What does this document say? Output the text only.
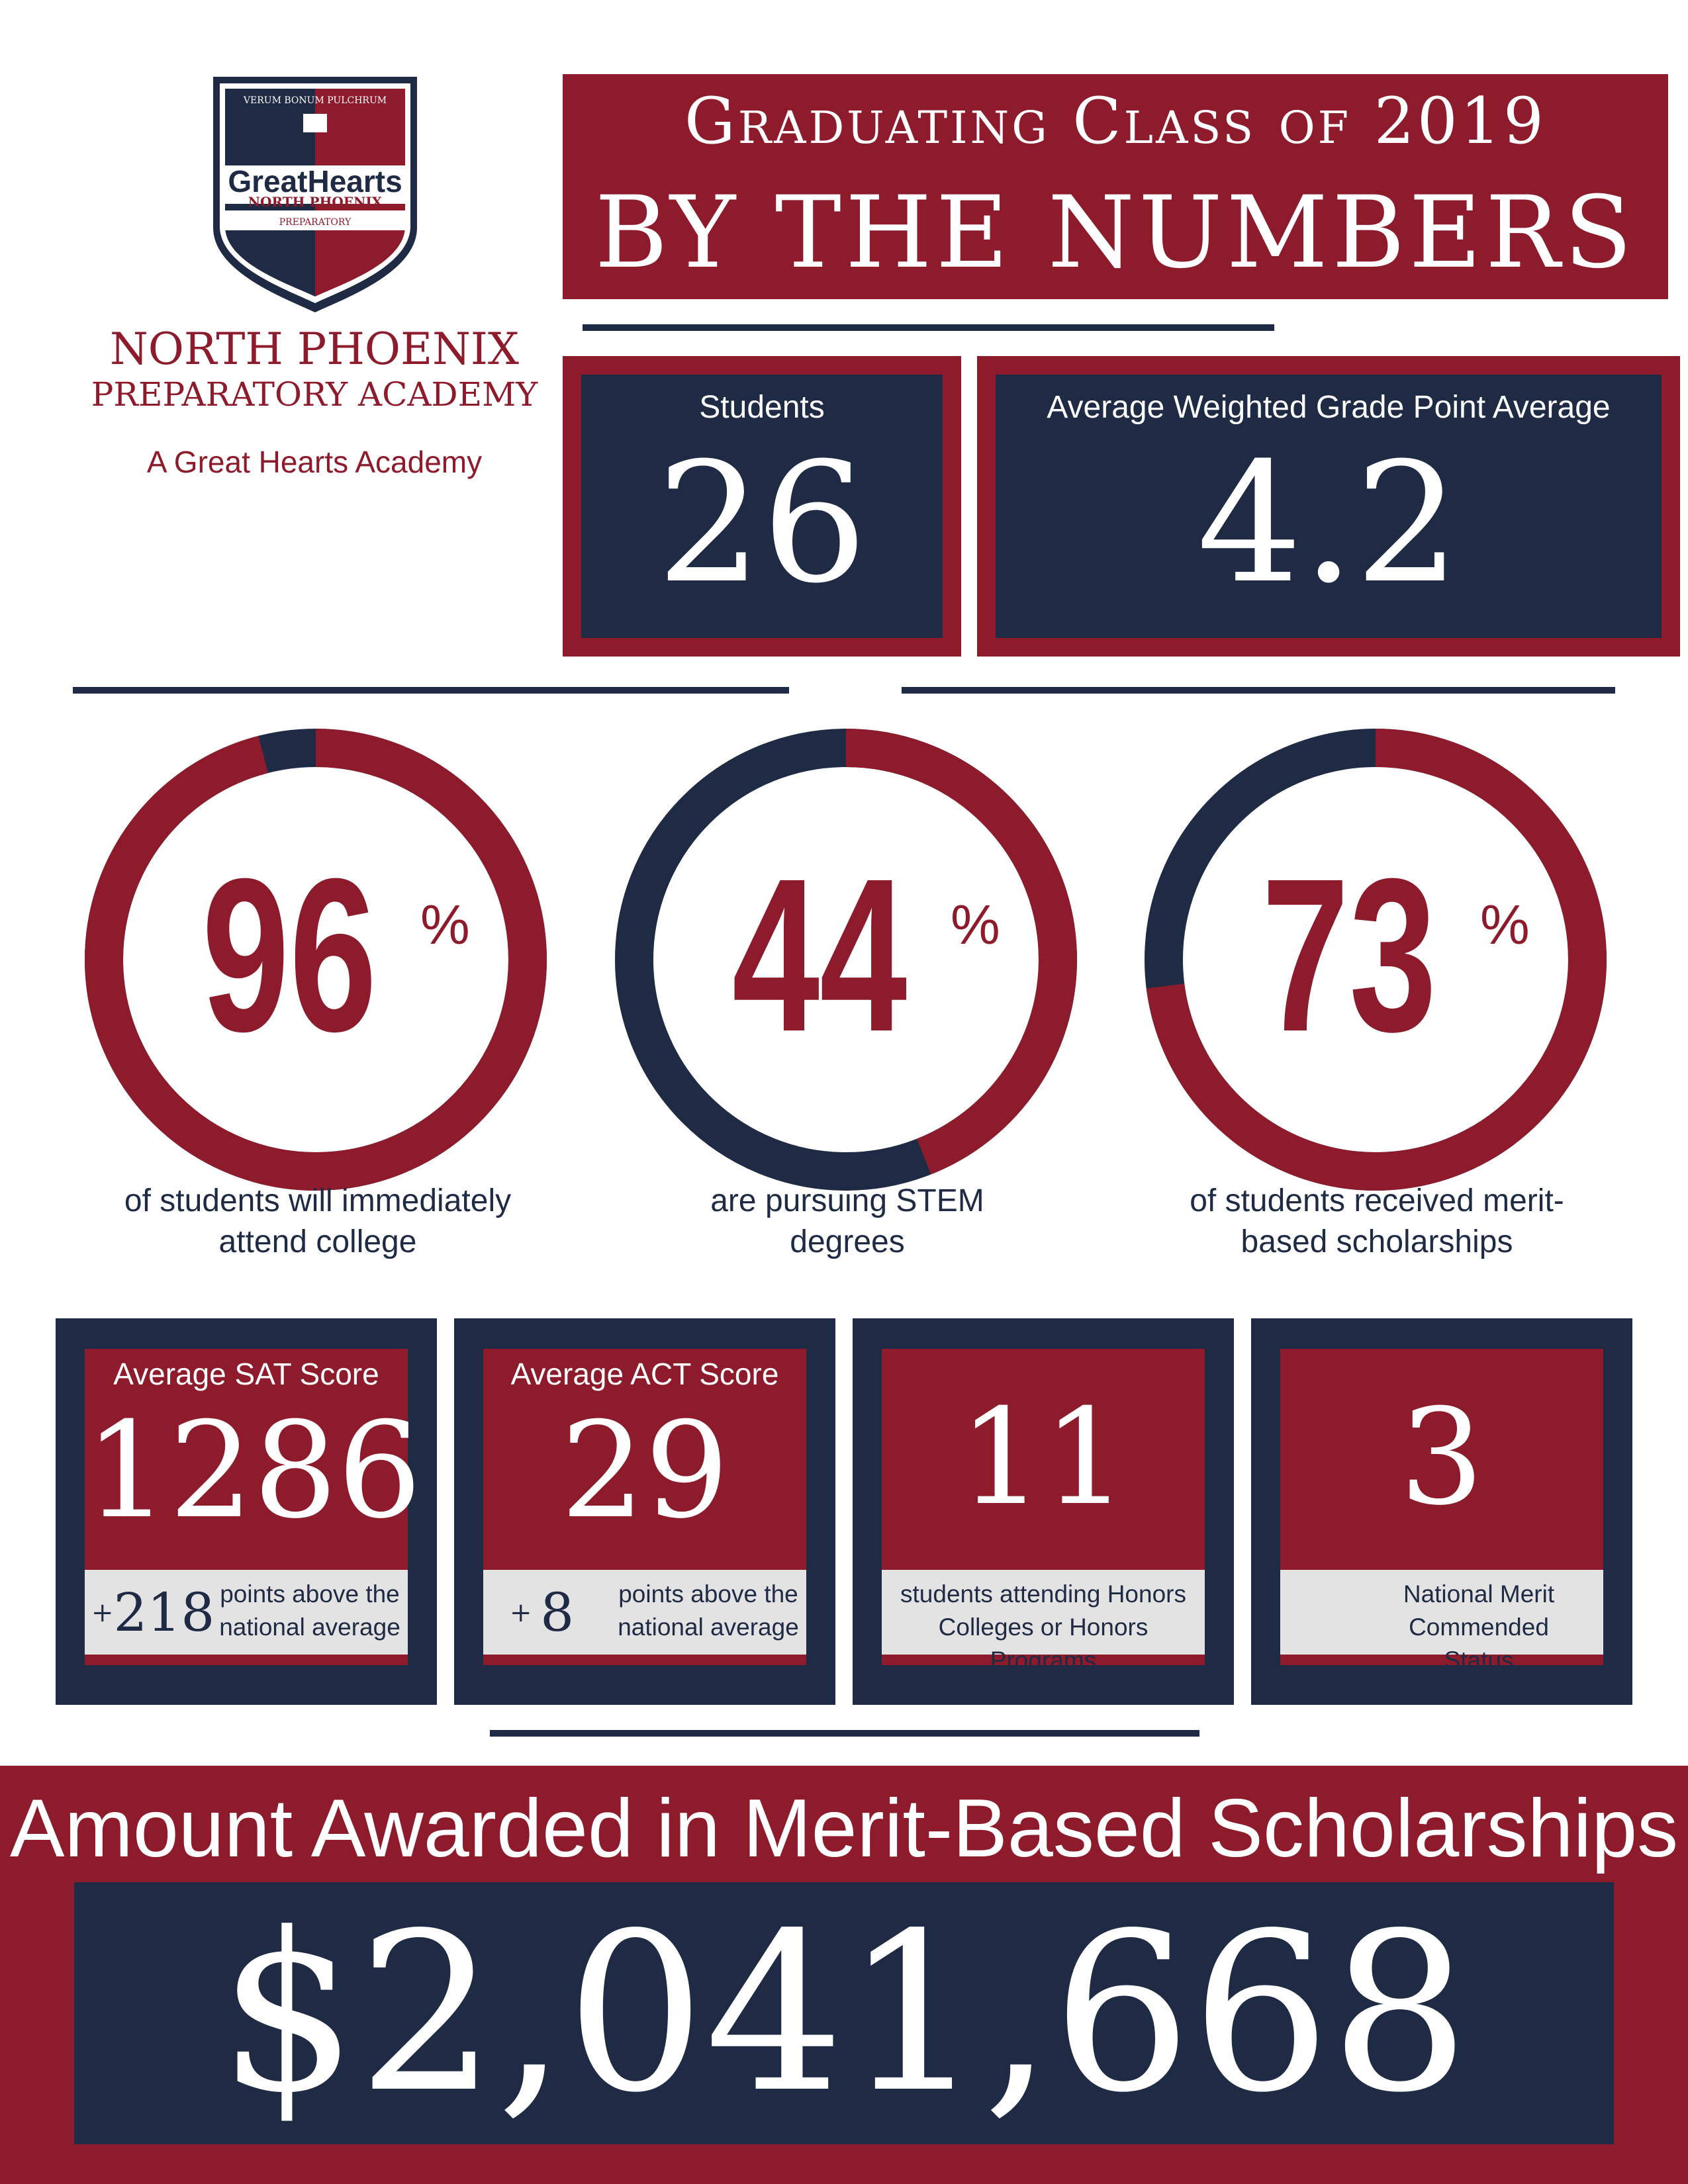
VERUM BONUM PULCHRUM
GreatHearts
NORTH PHOENIX
PREPARATORY
NORTH PHOENIX
PREPARATORY ACADEMY
A Great Hearts Academy
Graduating Class of 2019
BY THE NUMBERS
Students
26
Average Weighted Grade Point Average
4.2
96 %
of students will immediately attend college
44 %
are pursuing STEM degrees
73 %
of students received merit-based scholarships
Average SAT Score
1286
+218 points above the national average
Average ACT Score
29
+ 8 points above the national average
11
students attending Honors Colleges or Honors Programs
3
National Merit Commended Status
Amount Awarded in Merit-Based Scholarships
$2,041,668
